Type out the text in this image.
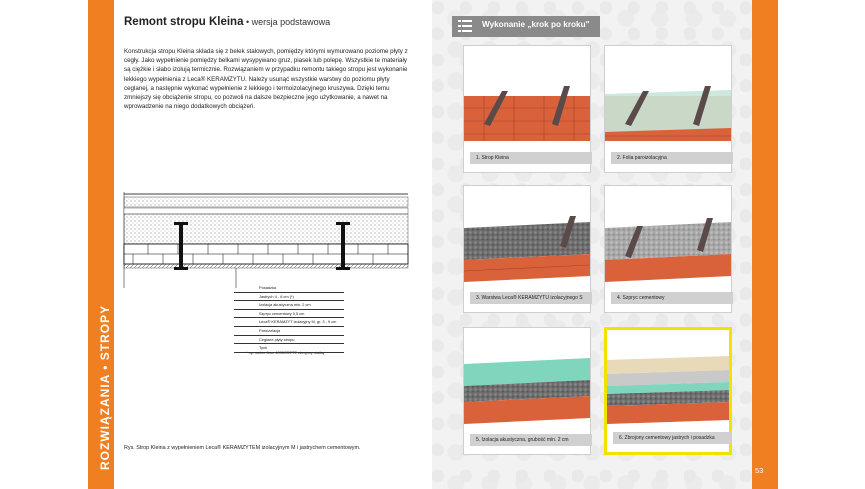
ROZWIĄZANIA • STROPY
Remont stropu Kleina • wersja podstawowa
Konstrukcja stropu Kleina składa się z belek stalowych, pomiędzy którymi wymurowano poziome płyty z cegły. Jako wypełnienie pomiędzy belkami wysypywano gruz, piasek lub polepę. Wszystkie te materiały są ciężkie i słabo izolują termicznie. Rozwiązaniem w przypadku remontu takiego stropu jest wykonanie lekkiego wypełnienia z Leca® KERAMZYTU. Należy usunąć wszystkie warstwy do poziomu płyty ceglanej, a następnie wykonać wypełnienie z lekkiego i termoizolacyjnego kruszywa. Dzięki temu zmniejszy się obciążenie stropu, co pozwoli na dalsze bezpieczne jego użytkowanie, a nawet na wprowadzenie na niego dodatkowych obciążeń.
Posadzka
Jastrych 4 - 6 cm (*)
Izolacja akustyczna min. 2 cm
Szpryc cementowy 0,5 cm
Leca® KERAMZYT izolacyjny M, gr. 3 - 9 cm
Paroizolacja
Ceglane płyty stropu
Tynk
* np. weber.floor 4030CRETE zbrojony siatką
Rys. Strop Kleina z wypełnieniem Leca® KERAMZYTEM izolacyjnym M i jastrychem cementowym.
Wykonanie „krok po kroku"
1. Strop Kleina	2. Folia paroizolacyjna
3. Warstwa Leca® KERAMZYTU izolacyjnego S	4. Szpryc cementowy
5. Izolacja akustyczna, grubość min. 2 cm	6. Zbrojony cementowy jastrych i posadzka
53
